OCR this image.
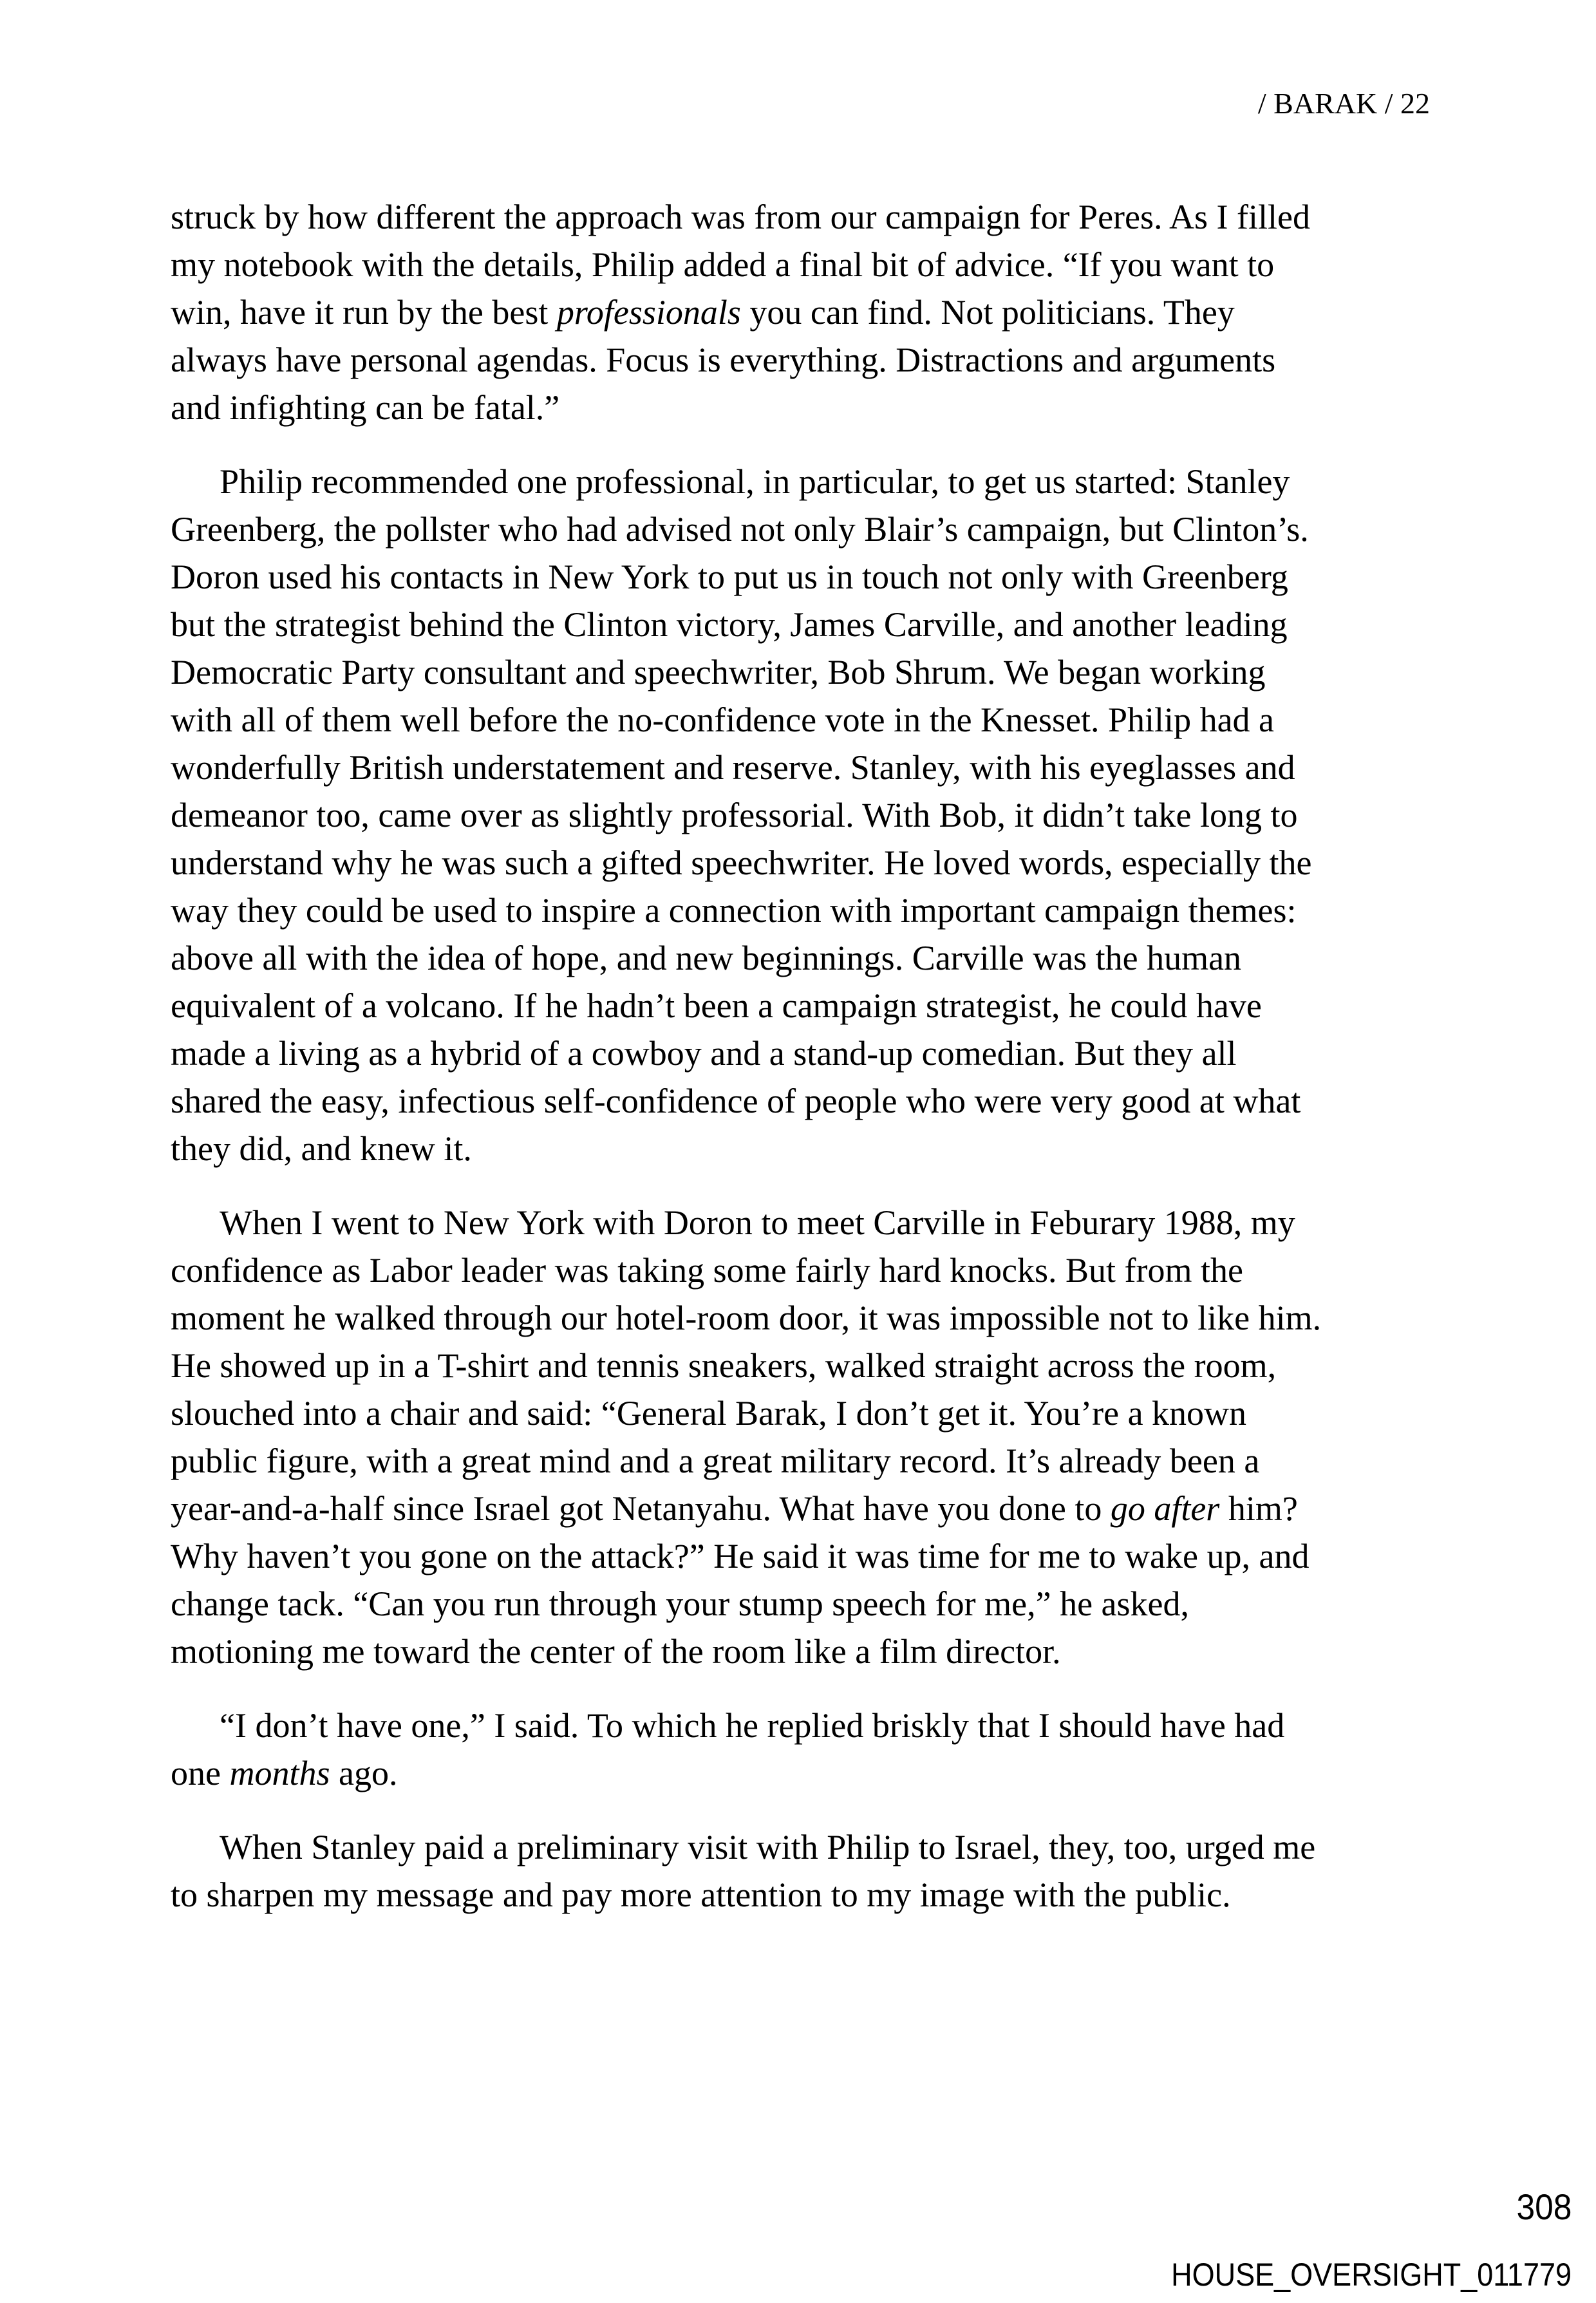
/ BARAK / 22
struck by how different the approach was from our campaign for Peres. As I filled
my notebook with the details, Philip added a final bit of advice. “If you want to
win, have it run by the best professionals you can find. Not politicians. They
always have personal agendas. Focus is everything. Distractions and arguments
and infighting can be fatal.”
Philip recommended one professional, in particular, to get us started: Stanley
Greenberg, the pollster who had advised not only Blair’s campaign, but Clinton’s.
Doron used his contacts in New York to put us in touch not only with Greenberg
but the strategist behind the Clinton victory, James Carville, and another leading
Democratic Party consultant and speechwriter, Bob Shrum. We began working
with all of them well before the no-confidence vote in the Knesset. Philip had a
wonderfully British understatement and reserve. Stanley, with his eyeglasses and
demeanor too, came over as slightly professorial. With Bob, it didn’t take long to
understand why he was such a gifted speechwriter. He loved words, especially the
way they could be used to inspire a connection with important campaign themes:
above all with the idea of hope, and new beginnings. Carville was the human
equivalent of a volcano. If he hadn’t been a campaign strategist, he could have
made a living as a hybrid of a cowboy and a stand-up comedian. But they all
shared the easy, infectious self-confidence of people who were very good at what
they did, and knew it.
When I went to New York with Doron to meet Carville in Feburary 1988, my
confidence as Labor leader was taking some fairly hard knocks. But from the
moment he walked through our hotel-room door, it was impossible not to like him.
He showed up in a T-shirt and tennis sneakers, walked straight across the room,
slouched into a chair and said: “General Barak, I don’t get it. You’re a known
public figure, with a great mind and a great military record. It’s already been a
year-and-a-half since Israel got Netanyahu. What have you done to go after him?
Why haven’t you gone on the attack?” He said it was time for me to wake up, and
change tack. “Can you run through your stump speech for me,” he asked,
motioning me toward the center of the room like a film director.
“I don’t have one,” I said. To which he replied briskly that I should have had
one months ago.
When Stanley paid a preliminary visit with Philip to Israel, they, too, urged me
to sharpen my message and pay more attention to my image with the public.
308
HOUSE_OVERSIGHT_011779
